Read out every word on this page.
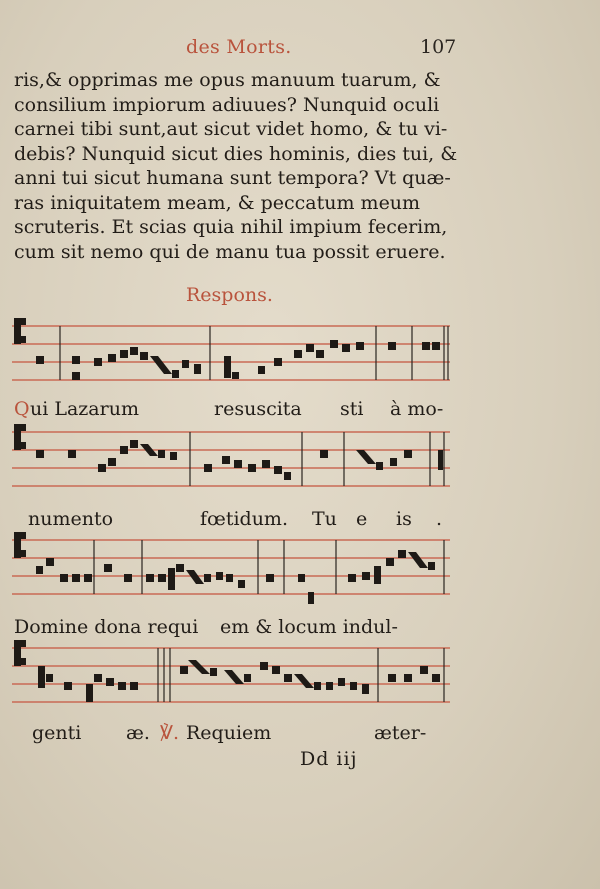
des Morts.	107
ris,& opprimas me opus manuum tuarum, &
consilium impiorum adiuues? Nunquid oculi
carnei tibi sunt,aut sicut videt homo, & tu vi-
debis? Nunquid sicut dies hominis, dies tui, &
anni tui sicut humana sunt tempora? Vt quæ-
ras iniquitatem meam, & peccatum meum
scruteris. Et scias quia nihil impium fecerim,
cum sit nemo qui de manu tua possit eruere.
Respons.
Q ui Lazarum	resuscita sti à mo-
numento	fœtidum. Tu e is .
Domine dona requi em & locum indul-
genti æ. ℣. Requiem	æter-
Dd iij
